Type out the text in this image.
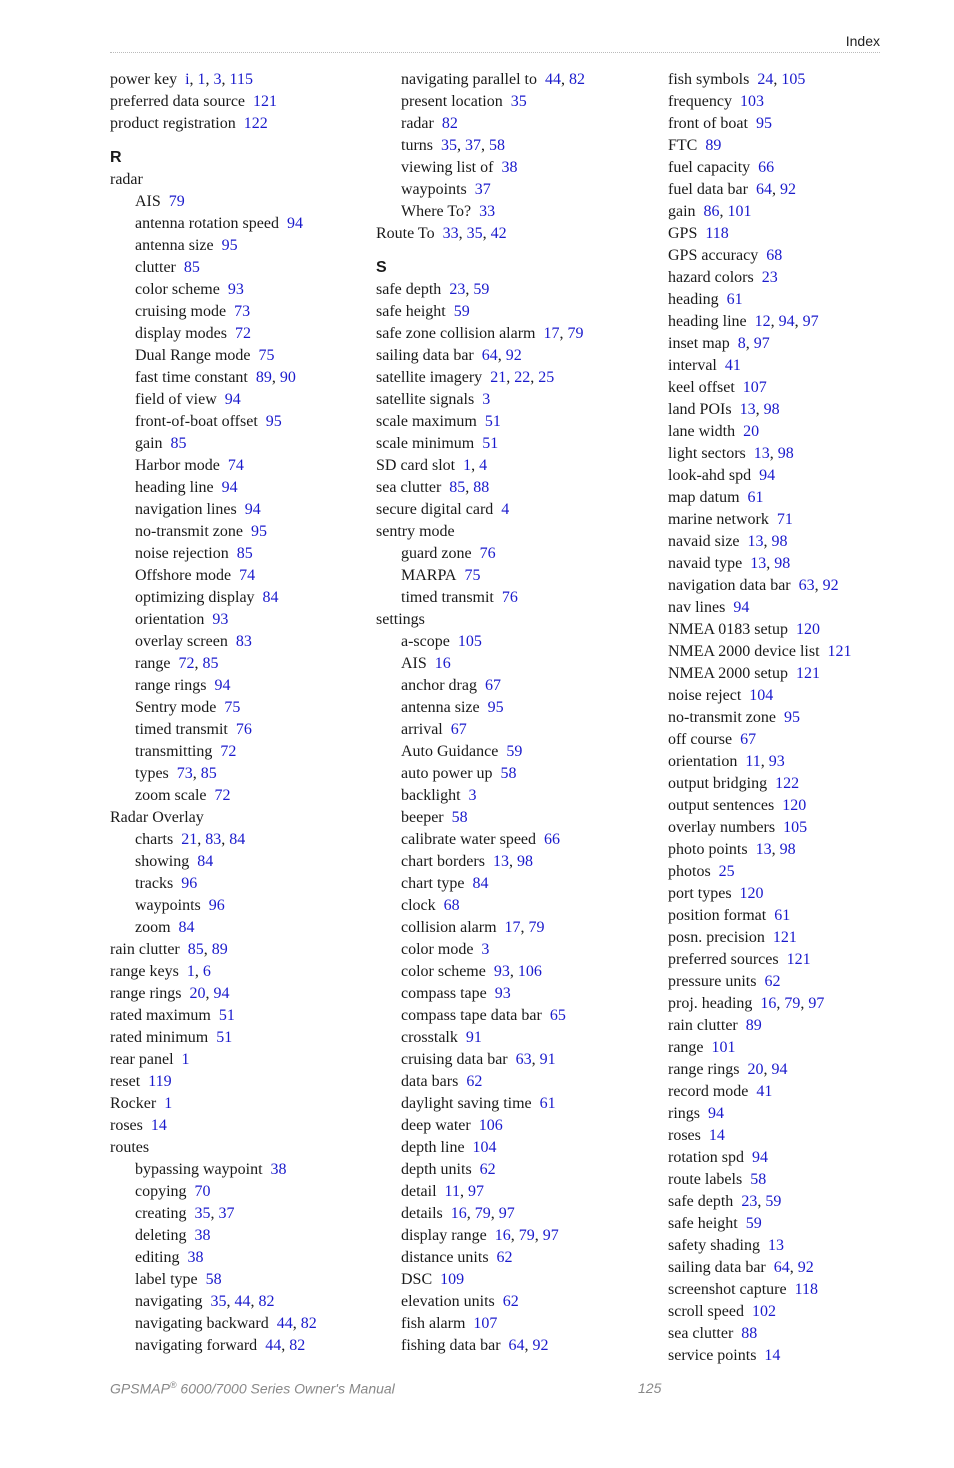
Index
power key i, 1, 3, 115
preferred data source 121
product registration 122
R
radar
AIS 79
antenna rotation speed 94
antenna size 95
clutter 85
color scheme 93
cruising mode 73
display modes 72
Dual Range mode 75
fast time constant 89, 90
field of view 94
front-of-boat offset 95
gain 85
Harbor mode 74
heading line 94
navigation lines 94
no-transmit zone 95
noise rejection 85
Offshore mode 74
optimizing display 84
orientation 93
overlay screen 83
range 72, 85
range rings 94
Sentry mode 75
timed transmit 76
transmitting 72
types 73, 85
zoom scale 72
Radar Overlay
charts 21, 83, 84
showing 84
tracks 96
waypoints 96
zoom 84
rain clutter 85, 89
range keys 1, 6
range rings 20, 94
rated maximum 51
rated minimum 51
rear panel 1
reset 119
Rocker 1
roses 14
routes
bypassing waypoint 38
copying 70
creating 35, 37
deleting 38
editing 38
label type 58
navigating 35, 44, 82
navigating backward 44, 82
navigating forward 44, 82
navigating parallel to 44, 82
present location 35
radar 82
turns 35, 37, 58
viewing list of 38
waypoints 37
Where To? 33
Route To 33, 35, 42
S
safe depth 23, 59
safe height 59
safe zone collision alarm 17, 79
sailing data bar 64, 92
satellite imagery 21, 22, 25
satellite signals 3
scale maximum 51
scale minimum 51
SD card slot 1, 4
sea clutter 85, 88
secure digital card 4
sentry mode
guard zone 76
MARPA 75
timed transmit 76
settings
a-scope 105
AIS 16
anchor drag 67
antenna size 95
arrival 67
Auto Guidance 59
auto power up 58
backlight 3
beeper 58
calibrate water speed 66
chart borders 13, 98
chart type 84
clock 68
collision alarm 17, 79
color mode 3
color scheme 93, 106
compass tape 93
compass tape data bar 65
crosstalk 91
cruising data bar 63, 91
data bars 62
daylight saving time 61
deep water 106
depth line 104
depth units 62
detail 11, 97
details 16, 79, 97
display range 16, 79, 97
distance units 62
DSC 109
elevation units 62
fish alarm 107
fishing data bar 64, 92
fish symbols 24, 105
frequency 103
front of boat 95
FTC 89
fuel capacity 66
fuel data bar 64, 92
gain 86, 101
GPS 118
GPS accuracy 68
hazard colors 23
heading 61
heading line 12, 94, 97
inset map 8, 97
interval 41
keel offset 107
land POIs 13, 98
lane width 20
light sectors 13, 98
look-ahd spd 94
map datum 61
marine network 71
navaid size 13, 98
navaid type 13, 98
navigation data bar 63, 92
nav lines 94
NMEA 0183 setup 120
NMEA 2000 device list 121
NMEA 2000 setup 121
noise reject 104
no-transmit zone 95
off course 67
orientation 11, 93
output bridging 122
output sentences 120
overlay numbers 105
photo points 13, 98
photos 25
port types 120
position format 61
posn. precision 121
preferred sources 121
pressure units 62
proj. heading 16, 79, 97
rain clutter 89
range 101
range rings 20, 94
record mode 41
rings 94
roses 14
rotation spd 94
route labels 58
safe depth 23, 59
safe height 59
safety shading 13
sailing data bar 64, 92
screenshot capture 118
scroll speed 102
sea clutter 88
service points 14
GPSMAP® 6000/7000 Series Owner's Manual	125
